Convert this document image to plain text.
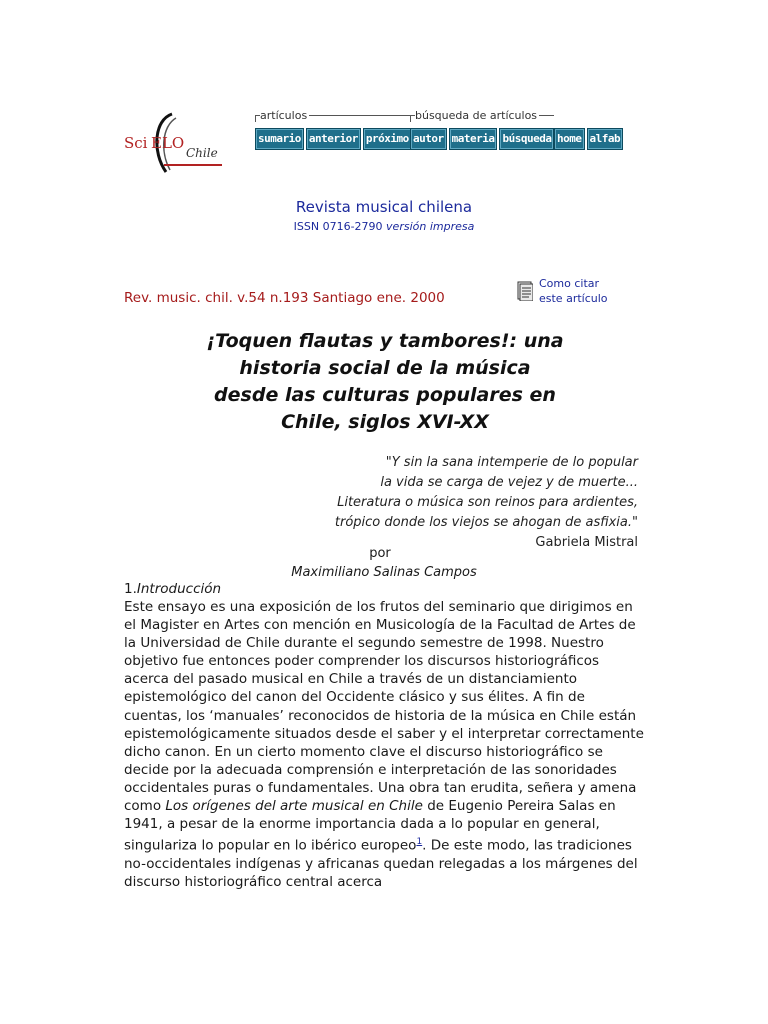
Sci ELO
Chile
artículos
sumario anterior próximo
búsqueda de artículos
autor materia búsqueda home alfab
Revista musical chilena
ISSN 0716-2790 versión impresa
Rev. music. chil. v.54 n.193 Santiago ene. 2000
Como citar
este artículo
¡Toquen flautas y tambores!: una
historia social de la música
desde las culturas populares en
Chile, siglos XVI-XX
"Y sin la sana intemperie de lo popular
la vida se carga de vejez y de muerte...
Literatura o música son reinos para ardientes,
trópico donde los viejos se ahogan de asfixia."
Gabriela Mistral
por
Maximiliano Salinas Campos
1.Introducción

Este ensayo es una exposición de los frutos del seminario que dirigimos en el Magister en Artes con mención en Musicología de la Facultad de Artes de la Universidad de Chile durante el segundo semestre de 1998. Nuestro objetivo fue entonces poder comprender los discursos historiográficos acerca del pasado musical en Chile a través de un distanciamiento epistemológico del canon del Occidente clásico y sus élites. A fin de cuentas, los ‘manuales’ reconocidos de historia de la música en Chile están epistemológicamente situados desde el saber y el interpretar correctamente dicho canon. En un cierto momento clave el discurso historiográfico se decide por la adecuada comprensión e interpretación de las sonoridades occidentales puras o fundamentales. Una obra tan erudita, señera y amena como Los orígenes del arte musical en Chile de Eugenio Pereira Salas en 1941, a pesar de la enorme importancia dada a lo popular en general, singulariza lo popular en lo ibérico europeo$^1$. De este modo, las tradiciones no-occidentales indígenas y africanas quedan relegadas a los márgenes del discurso historiográfico central acerca
